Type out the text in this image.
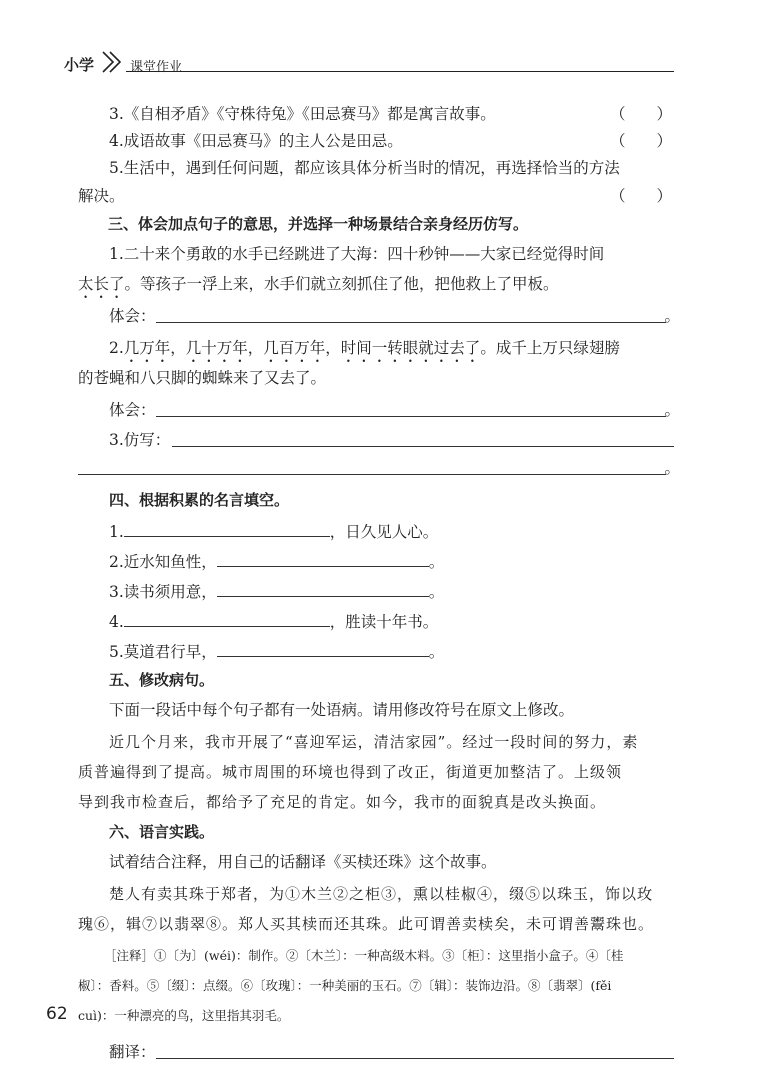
小学	课堂作业
3.《自相矛盾》《守株待兔》《田忌赛马》都是寓言故事。	（　　）
4.成语故事《田忌赛马》的主人公是田忌。	（　　）
5.生活中，遇到任何问题，都应该具体分析当时的情况，再选择恰当的方法
解决。	（　　）
三、体会加点句子的意思，并选择一种场景结合亲身经历仿写。
1.二十来个勇敢的水手已经跳进了大海：四十秒钟——大家已经觉得时间
太长了。等孩子一浮上来，水手们就立刻抓住了他，把他救上了甲板。
体会：	。
2.几万年，几十万年，几百万年，时间一转眼就过去了。成千上万只绿翅膀
的苍蝇和八只脚的蜘蛛来了又去了。
体会：	。
3.仿写：
。
四、根据积累的名言填空。
1.	，日久见人心。
2.近水知鱼性，	。
3.读书须用意，	。
4.	，胜读十年书。
5.莫道君行早，	。
五、修改病句。
下面一段话中每个句子都有一处语病。请用修改符号在原文上修改。
近几个月来，我市开展了“喜迎军运，清洁家园”。经过一段时间的努力，素
质普遍得到了提高。城市周围的环境也得到了改正，街道更加整洁了。上级领
导到我市检查后，都给予了充足的肯定。如今，我市的面貌真是改头换面。
六、语言实践。
试着结合注释，用自己的话翻译《买椟还珠》这个故事。
楚人有卖其珠于郑者，为①木兰②之柜③，熏以桂椒④，缀⑤以珠玉，饰以玫
瑰⑥，辑⑦以翡翠⑧。郑人买其椟而还其珠。此可谓善卖椟矣，未可谓善鬻珠也。
［注释］①〔为〕(wéi)：制作。②〔木兰〕：一种高级木料。③〔柜〕：这里指小盒子。④〔桂
椒〕：香料。⑤〔缀〕：点缀。⑥〔玫瑰〕：一种美丽的玉石。⑦〔辑〕：装饰边沿。⑧〔翡翠〕(fěi
cuì)：一种漂亮的鸟，这里指其羽毛。
翻译：
62
